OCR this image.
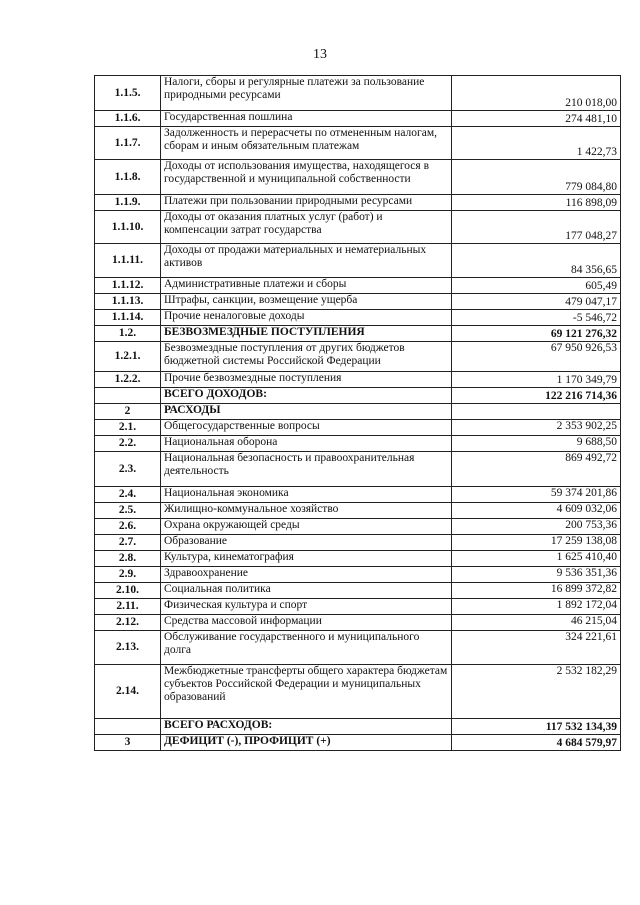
13
1.1.5.	Налоги, сборы и регулярные платежи за пользование природными ресурсами	210 018,00
1.1.6.	Государственная пошлина	274 481,10
1.1.7.	Задолженность и перерасчеты по отмененным налогам, сборам и иным обязательным платежам	1 422,73
1.1.8.	Доходы от использования имущества, находящегося в государственной и муниципальной собственности	779 084,80
1.1.9.	Платежи при пользовании природными ресурсами	116 898,09
1.1.10.	Доходы от оказания платных услуг (работ) и компенсации затрат государства	177 048,27
1.1.11.	Доходы от продажи материальных и нематериальных активов	84 356,65
1.1.12.	Административные платежи и сборы	605,49
1.1.13.	Штрафы, санкции, возмещение ущерба	479 047,17
1.1.14.	Прочие неналоговые доходы	-5 546,72
1.2.	БЕЗВОЗМЕЗДНЫЕ ПОСТУПЛЕНИЯ	69 121 276,32
1.2.1.	Безвозмездные поступления от других бюджетов бюджетной системы Российской Федерации	67 950 926,53
1.2.2.	Прочие безвозмездные поступления	1 170 349,79
	ВСЕГО ДОХОДОВ:	122 216 714,36
2	РАСХОДЫ	
2.1.	Общегосударственные вопросы	2 353 902,25
2.2.	Национальная оборона	9 688,50
2.3.	Национальная безопасность и правоохранительная деятельность	869 492,72
2.4.	Национальная экономика	59 374 201,86
2.5.	Жилищно-коммунальное хозяйство	4 609 032,06
2.6.	Охрана окружающей среды	200 753,36
2.7.	Образование	17 259 138,08
2.8.	Культура, кинематография	1 625 410,40
2.9.	Здравоохранение	9 536 351,36
2.10.	Социальная политика	16 899 372,82
2.11.	Физическая культура и спорт	1 892 172,04
2.12.	Средства массовой информации	46 215,04
2.13.	Обслуживание государственного и муниципального долга	324 221,61
2.14.	Межбюджетные трансферты общего характера бюджетам субъектов Российской Федерации и муниципальных образований	2 532 182,29
	ВСЕГО РАСХОДОВ:	117 532 134,39
3	ДЕФИЦИТ (-), ПРОФИЦИТ (+)	4 684 579,97
